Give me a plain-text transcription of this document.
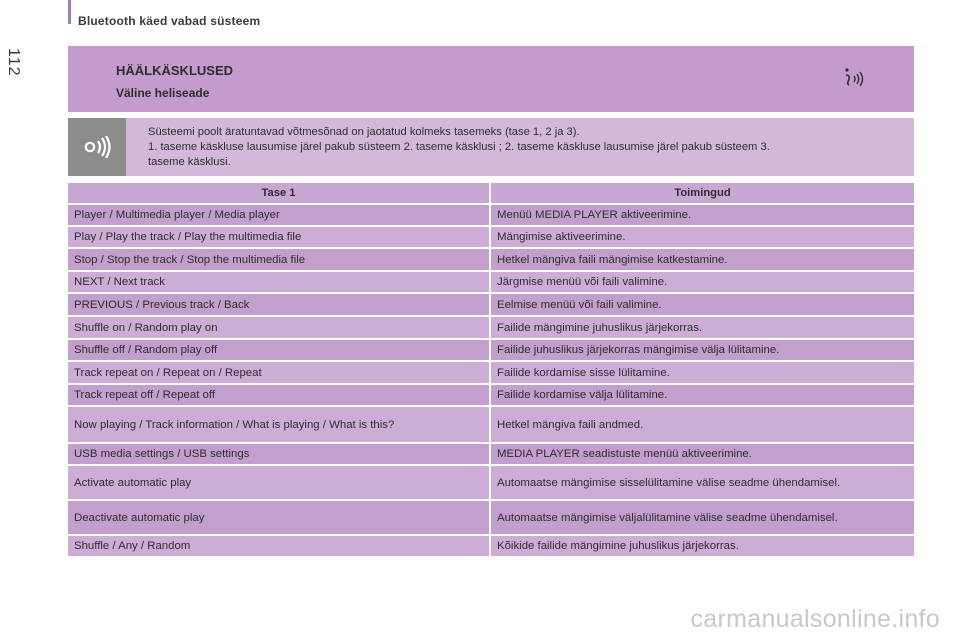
Bluetooth käed vabad süsteem
112	HÄÄLKÄSKLUSED
Väline heliseade
Süsteemi poolt äratuntavad võtmesõnad on jaotatud kolmeks tasemeks (tase 1, 2 ja 3).
1. taseme käskluse lausumise järel pakub süsteem 2. taseme käsklusi ; 2. taseme käskluse lausumise järel pakub süsteem 3.
taseme käsklusi.
Tase 1	Toimingud
Player / Multimedia player / Media player	Menüü MEDIA PLAYER aktiveerimine.
Play / Play the track / Play the multimedia file	Mängimise aktiveerimine.
Stop / Stop the track / Stop the multimedia file	Hetkel mängiva faili mängimise katkestamine.
NEXT / Next track	Järgmise menüü või faili valimine.
PREVIOUS / Previous track / Back	Eelmise menüü või faili valimine.
Shuffle on / Random play on	Failide mängimine juhuslikus järjekorras.
Shuffle off / Random play off	Failide juhuslikus järjekorras mängimise välja lülitamine.
Track repeat on / Repeat on / Repeat	Failide kordamise sisse lülitamine.
Track repeat off / Repeat off	Failide kordamise välja lülitamine.
Now playing / Track information / What is playing / What is this?	Hetkel mängiva faili andmed.
USB media settings / USB settings	MEDIA PLAYER seadistuste menüü aktiveerimine.
Activate automatic play	Automaatse mängimise sisselülitamine välise seadme ühendamisel.
Deactivate automatic play	Automaatse mängimise väljalülitamine välise seadme ühendamisel.
Shuffle / Any / Random	Kõikide failide mängimine juhuslikus järjekorras.
carmanualsonline.info
